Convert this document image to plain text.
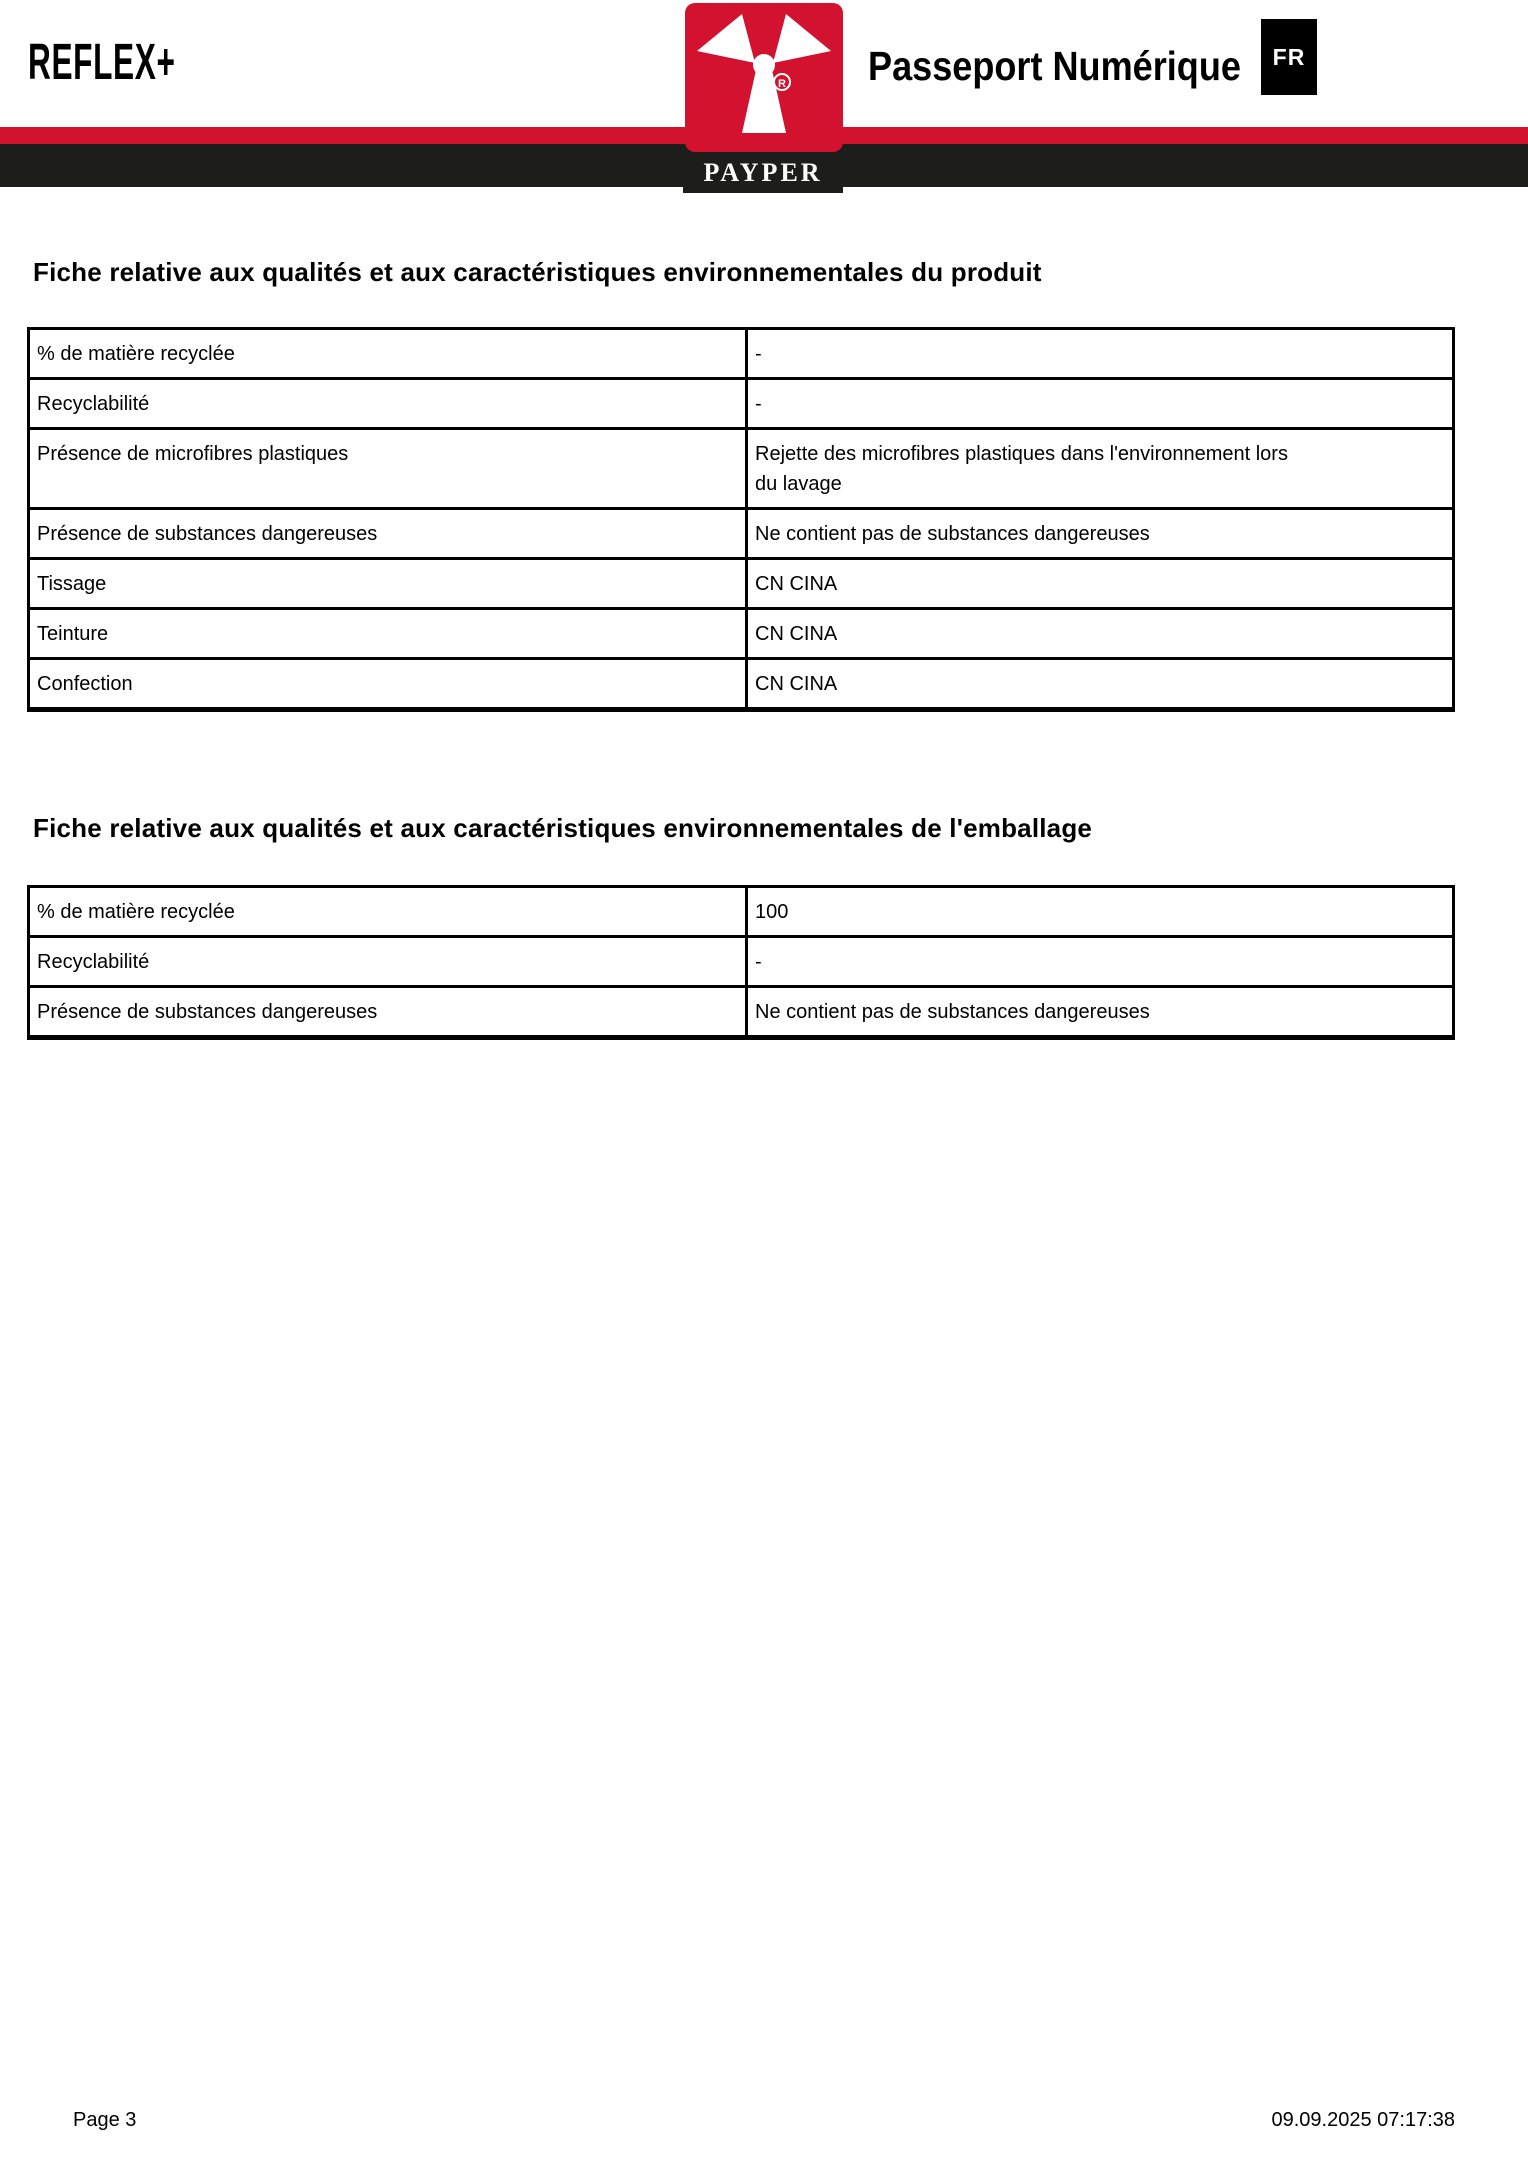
REFLEX+	Passeport Numérique FR
R
PAYPER
Fiche relative aux qualités et aux caractéristiques environnementales du produit
% de matière recyclée	-

Recyclabilité	-

Présence de microfibres plastiques	Rejette des microfibres plastiques dans l'environnement lors du lavage

Présence de substances dangereuses	Ne contient pas de substances dangereuses

Tissage	CN CINA

Teinture	CN CINA

Confection	CN CINA
Fiche relative aux qualités et aux caractéristiques environnementales de l'emballage
% de matière recyclée	100

Recyclabilité	-

Présence de substances dangereuses	Ne contient pas de substances dangereuses
Page 3	09.09.2025 07:17:38
